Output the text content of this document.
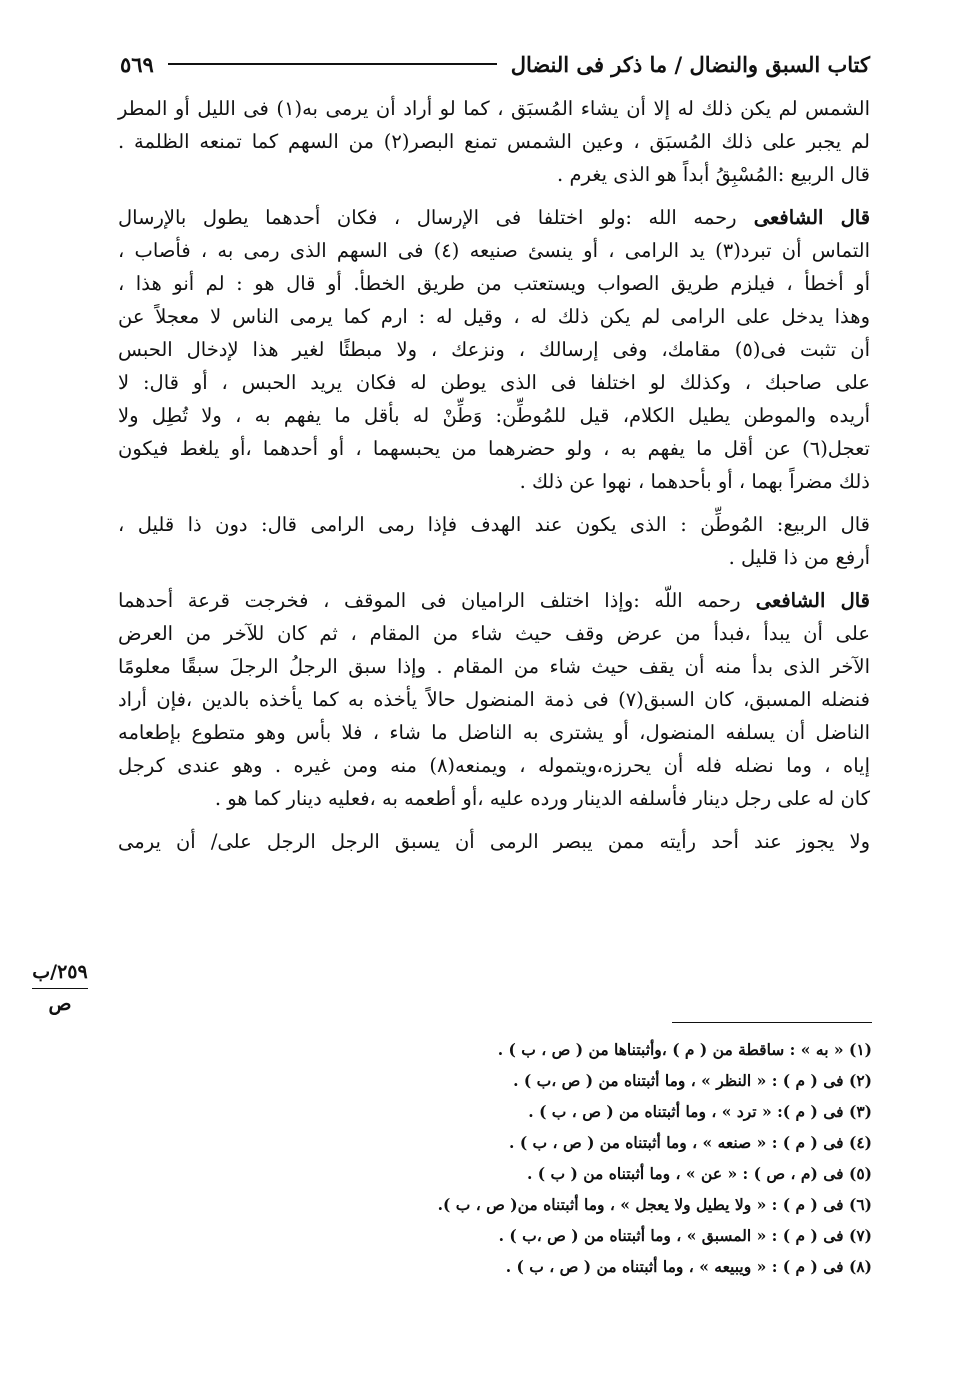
كتاب السبق والنضال / ما ذكر فى النضال
٥٦٩
الشمس لم يكن ذلك له إلا أن يشاء المُسبَق ، كما لو أراد أن يرمى به(١) فى الليل أو المطر
لم يجبر على ذلك المُسبَق ، وعين الشمس تمنع البصر(٢) من السهم كما تمنعه الظلمة .
قال الربيع :المُسْبِقُ أبداً هو الذى يغرم .
قال الشافعى رحمه الله :ولو اختلفا فى الإرسال ، فكان أحدهما يطول بالإرسال
التماس أن تبرد(٣) يد الرامى ، أو ينسئ صنيعه (٤) فى السهم الذى رمى به ، فأصاب ،
أو أخطأ ، فيلزم طريق الصواب ويستعتب من طريق الخطأ. أو قال هو : لم أنو هذا ،
وهذا يدخل على الرامى لم يكن ذلك له ، وقيل له : ارم كما يرمى الناس لا معجلاً عن
أن تثبت فى(٥) مقامك، وفى إرسالك ، ونزعك ، ولا مبطئًا لغير هذا لإدخال الحبس
على صاحبك ، وكذلك لو اختلفا فى الذى يوطن له فكان يريد الحبس ، أو قال: لا
أريده والموطن يطيل الكلام، قيل للمُوطِّن: وَطِّنْ له بأقل ما يفهم به ، ولا تُطِل ولا
تعجل(٦) عن أقل ما يفهم به ، ولو حضرهما من يحبسهما ، أو أحدهما ،أو يلغط فيكون
ذلك مضراً بهما ، أو بأحدهما ، نهوا عن ذلك .
قال الربيع: المُوطِّن : الذى يكون عند الهدف فإذا رمى الرامى قال: دون ذا قليل ،
أرفع من ذا قليل .
قال الشافعى رحمه اللّه :وإذا اختلف الراميان فى الموقف ، فخرجت قرعة أحدهما
على أن يبدأ ،فبدأ من عرض وقف حيث شاء من المقام ، ثم كان للآخر من العرض
الآخر الذى بدأ منه أن يقف حيث شاء من المقام . وإذا سبق الرجلُ الرجلَ سبقًا معلومًا
فنضله المسبق، كان السبق(٧) فى ذمة المنضول حالاً يأخذه به كما يأخذه بالدين ،فإن أراد
الناضل أن يسلفه المنضول، أو يشترى به الناضل ما شاء ، فلا بأس وهو متطوع بإطعامه
إياه ، وما نضله فله أن يحرزه،ويتموله ، ويمنعه(٨) منه ومن غيره . وهو عندى كرجل
كان له على رجل دينار فأسلفه الدينار ورده عليه ،أو أطعمه به ،فعليه دينار كما هو .
ولا يجوز عند أحد رأيته ممن يبصر الرمى أن يسبق الرجل الرجل على/ أن يرمى
٢٥٩/ب
ص
(١) « به » : ساقطة من ( م ) ،وأثبتناها من ( ص ، ب ) .
(٢) فى ( م ) : « النظر » ، وما أثبتناه من ( ص ،ب ) .
(٣) فى ( م ): « ترد » ، وما أثبتناه من ( ص ، ب ) .
(٤) فى ( م ) : « صنعه » ، وما أثبتناه من ( ص ، ب ) .
(٥) فى (م ، ص ) : « عن » ، وما أثبتناه من ( ب ) .
(٦) فى ( م ) : « ولا يطيل ولا يعجل » ، وما أثبتناه من( ص ، ب ).
(٧) فى ( م ) : « المسبق » ، وما أثبتناه من ( ص ،ب ) .
(٨) فى ( م ) : « ويبيعه » ، وما أثبتناه من ( ص ، ب ) .
